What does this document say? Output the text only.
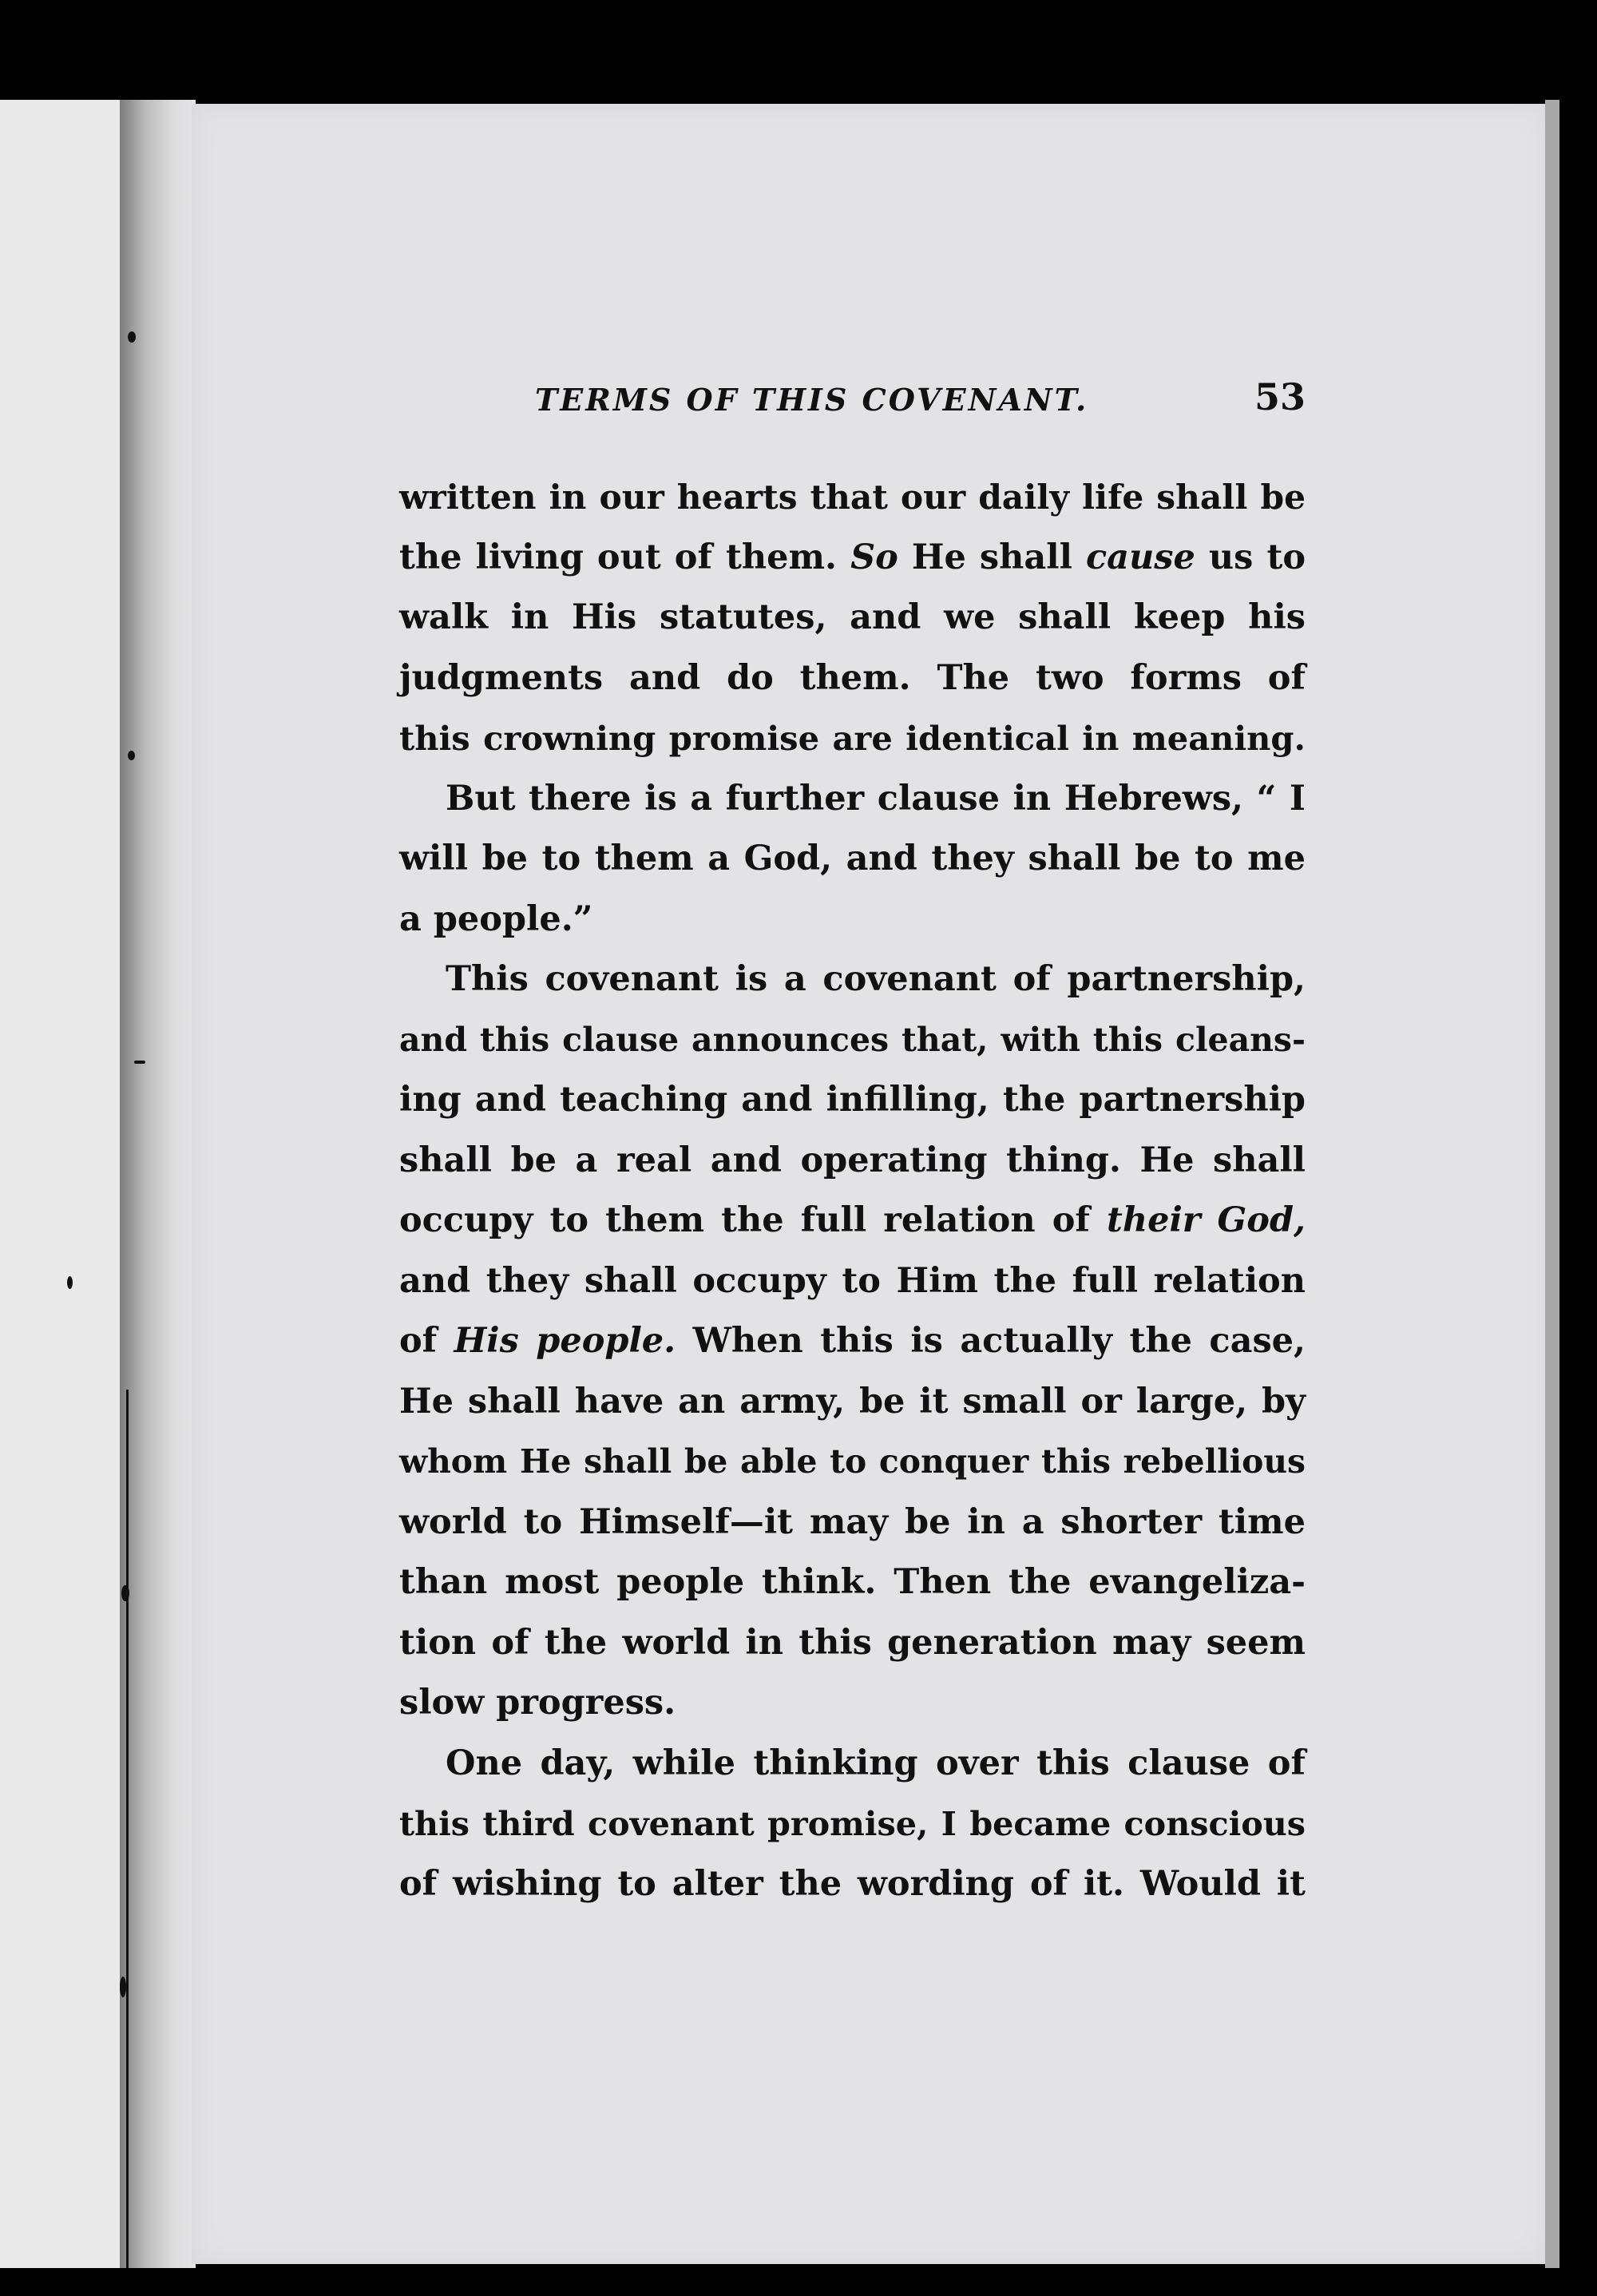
TERMS OF THIS COVENANT.	53

written in our hearts that our daily life shall be
the living out of them. So He shall cause us to
walk in His statutes, and we shall keep his
judgments and do them. The two forms of
this crowning promise are identical in meaning.

But there is a further clause in Hebrews, “ I
will be to them a God, and they shall be to me
a people.”

This covenant is a covenant of partnership,
and this clause announces that, with this cleans-
ing and teaching and infilling, the partnership
shall be a real and operating thing. He shall
occupy to them the full relation of their God,
and they shall occupy to Him the full relation
of His people. When this is actually the case,
He shall have an army, be it small or large, by
whom He shall be able to conquer this rebellious
world to Himself—it may be in a shorter time
than most people think. Then the evangeliza-
tion of the world in this generation may seem
slow progress.

One day, while thinking over this clause of
this third covenant promise, I became conscious
of wishing to alter the wording of it. Would it
